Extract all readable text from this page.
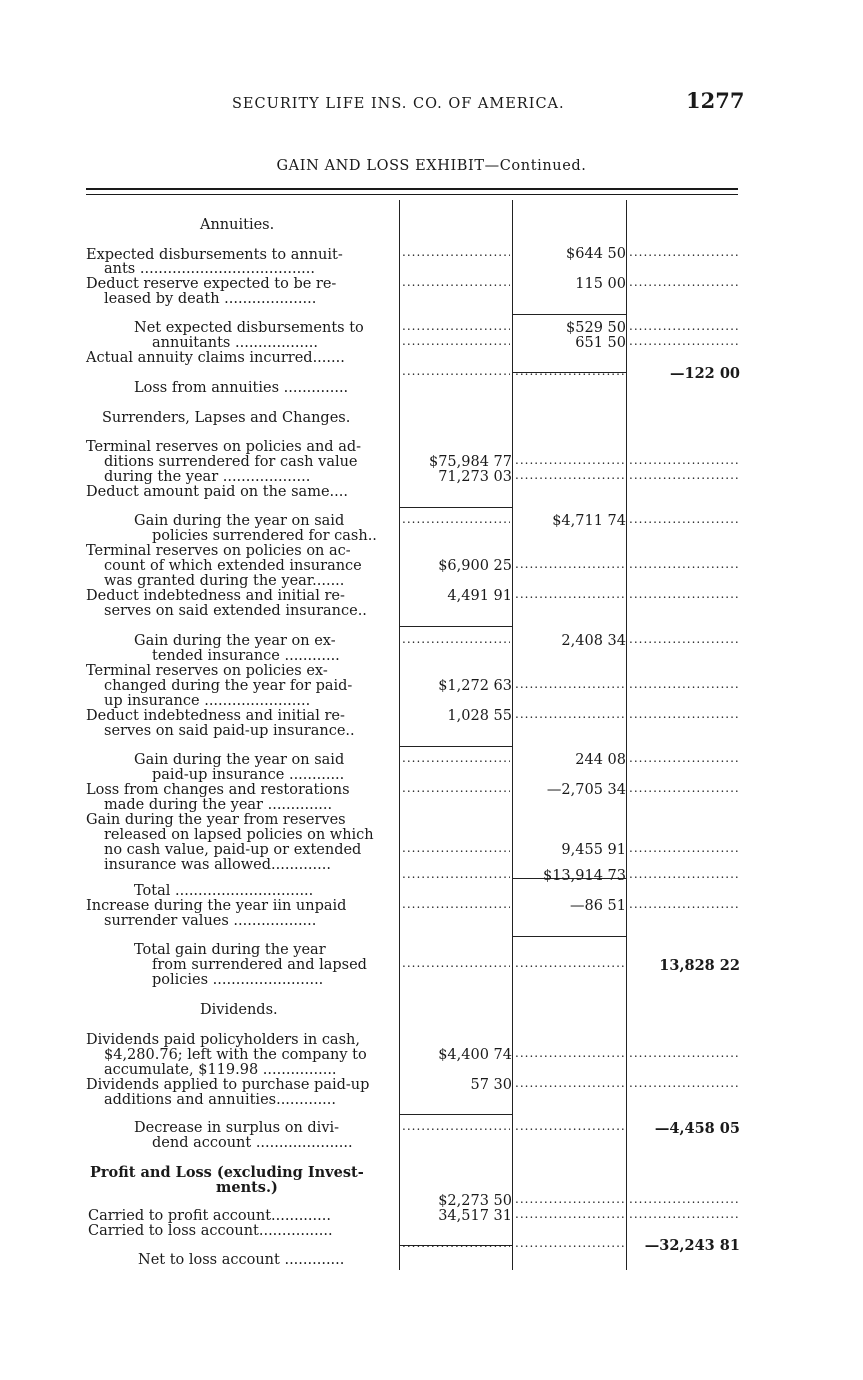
SECURITY LIFE INS. CO. OF AMERICA.	1277
GAIN AND LOSS EXHIBIT—Continued.
Annuities.
Expected disbursements to annuit-
ants ......................................
.....
$644 50
.....
Deduct reserve expected to be re-
leased by death ....................
.....
115 00
.....
Net expected disbursements to
annuitants ..................
.....
$529 50
.....
Actual annuity claims incurred.......
.....
651 50
.....
Loss from annuities ..............
.....
.....
—122 00
Surrenders, Lapses and Changes.
Terminal reserves on policies and ad-
ditions surrendered for cash value
during the year ...................
$75,984 77
.....
.....
Deduct amount paid on the same....
71,273 03
.....
.....
Gain during the year on said
policies surrendered for cash..
.....
$4,711 74
.....
Terminal reserves on policies on ac-
count of which extended insurance
was granted during the year.......
$6,900 25
.....
.....
Deduct indebtedness and initial re-
serves on said extended insurance..
4,491 91
.....
.....
Gain during the year on ex-
tended insurance ............
.....
2,408 34
.....
Terminal reserves on policies ex-
changed during the year for paid-
up insurance .......................
$1,272 63
.....
.....
Deduct indebtedness and initial re-
serves on said paid-up insurance..
1,028 55
.....
.....
Gain during the year on said
paid-up insurance ............
.....
244 08
.....
Loss from changes and restorations
made during the year ..............
.....
—2,705 34
.....
Gain during the year from reserves
released on lapsed policies on which
no cash value, paid-up or extended
insurance was allowed.............
.....
9,455 91
.....
Total ..............................
.....
$13,914 73
.....
Increase during the year iin unpaid
surrender values ..................
.....
—86 51
.....
Total gain during the year
from surrendered and lapsed
policies ........................
.....
.....
13,828 22
Dividends.
Dividends paid policyholders in cash,
$4,280.76; left with the company to
accumulate, $119.98 ................
$4,400 74
.....
.....
Dividends applied to purchase paid-up
additions and annuities.............
57 30
.....
.....
Decrease in surplus on divi-
dend account .....................
.....
.....
—4,458 05
Profit and Loss (excluding Invest-
ments.)
Carried to profit account.............
$2,273 50
.....
.....
Carried to loss account................
34,517 31
.....
.....
Net to loss account .............
.....
.....
—32,243 81
